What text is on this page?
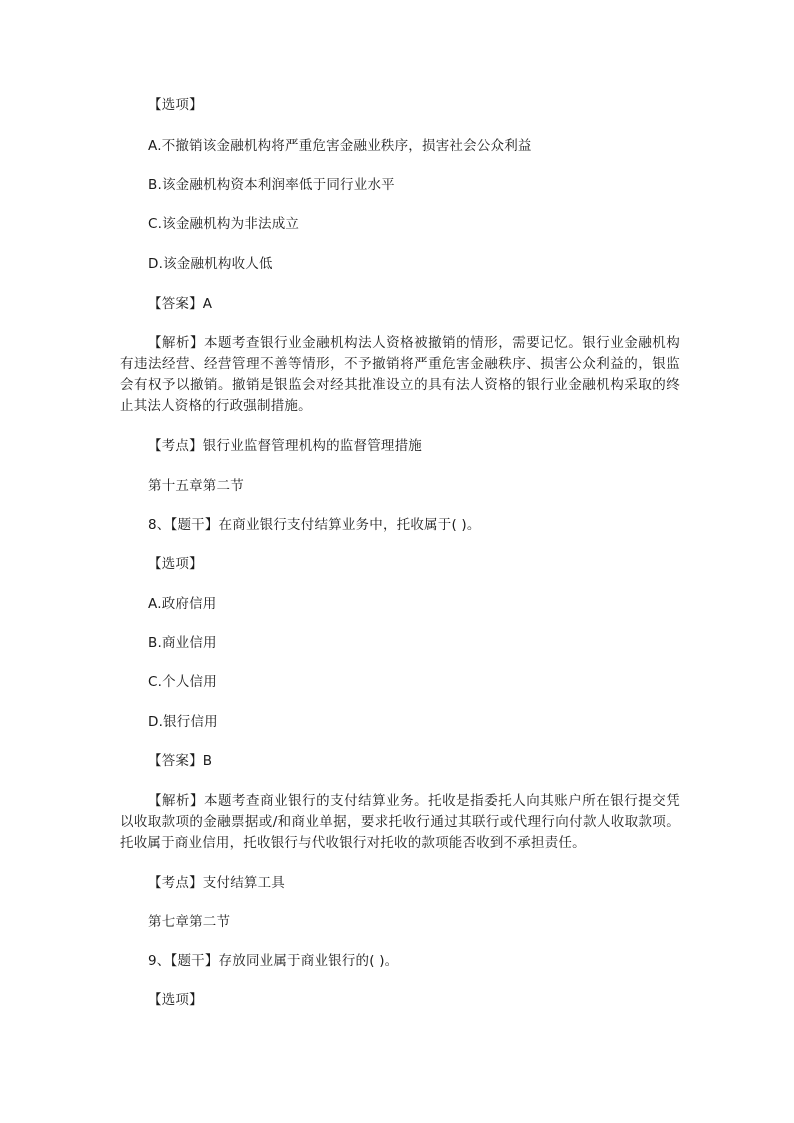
【选项】
A.不撤销该金融机构将严重危害金融业秩序，损害社会公众利益
B.该金融机构资本利润率低于同行业水平
C.该金融机构为非法成立
D.该金融机构收人低
【答案】A
【解析】本题考查银行业金融机构法人资格被撤销的情形，需要记忆。银行业金融机构有违法经营、经营管理不善等情形，不予撤销将严重危害金融秩序、损害公众利益的，银监会有权予以撤销。撤销是银监会对经其批准设立的具有法人资格的银行业金融机构采取的终止其法人资格的行政强制措施。
【考点】银行业监督管理机构的监督管理措施
第十五章第二节
8、【题干】在商业银行支付结算业务中，托收属于( )。
【选项】
A.政府信用
B.商业信用
C.个人信用
D.银行信用
【答案】B
【解析】本题考查商业银行的支付结算业务。托收是指委托人向其账户所在银行提交凭以收取款项的金融票据或/和商业单据，要求托收行通过其联行或代理行向付款人收取款项。托收属于商业信用，托收银行与代收银行对托收的款项能否收到不承担责任。
【考点】支付结算工具
第七章第二节
9、【题干】存放同业属于商业银行的( )。
【选项】
